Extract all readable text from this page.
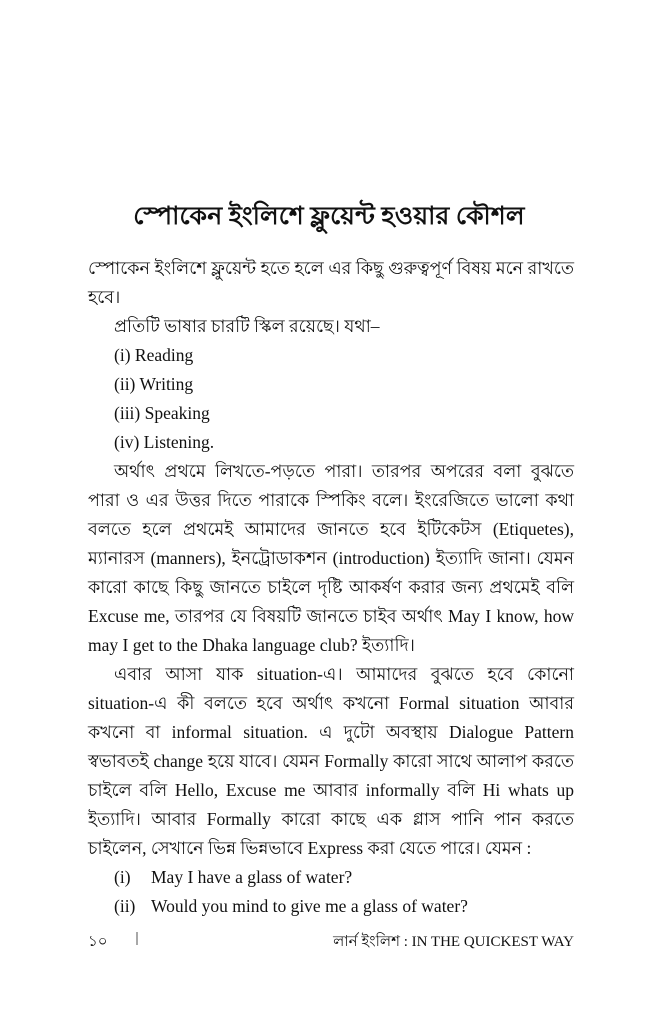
স্পোকেন ইংলিশে ফ্লুয়েন্ট হওয়ার কৌশল

স্পোকেন ইংলিশে ফ্লুয়েন্ট হতে হলে এর কিছু গুরুত্বপূর্ণ বিষয় মনে রাখতে হবে।

প্রতিটি ভাষার চারটি স্কিল রয়েছে। যথা–

(i) Reading
(ii) Writing
(iii) Speaking
(iv) Listening.

অর্থাৎ প্রথমে লিখতে-পড়তে পারা। তারপর অপরের বলা বুঝতে পারা ও এর উত্তর দিতে পারাকে স্পিকিং বলে। ইংরেজিতে ভালো কথা বলতে হলে প্রথমেই আমাদের জানতে হবে ইটিকেটস (Etiquetes), ম্যানারস (manners), ইনট্রোডাকশন (introduction) ইত্যাদি জানা। যেমন কারো কাছে কিছু জানতে চাইলে দৃষ্টি আকর্ষণ করার জন্য প্রথমেই বলি Excuse me, তারপর যে বিষয়টি জানতে চাইব অর্থাৎ May I know, how may I get to the Dhaka language club? ইত্যাদি।

এবার আসা যাক situation-এ। আমাদের বুঝতে হবে কোনো situation-এ কী বলতে হবে অর্থাৎ কখনো Formal situation আবার কখনো বা informal situation. এ দুটো অবস্থায় Dialogue Pattern স্বভাবতই change হয়ে যাবে। যেমন Formally কারো সাথে আলাপ করতে চাইলে বলি Hello, Excuse me আবার informally বলি Hi whats up ইত্যাদি। আবার Formally কারো কাছে এক গ্লাস পানি পান করতে চাইলেন, সেখানে ভিন্ন ভিন্নভাবে Express করা যেতে পারে। যেমন :

(i)	May I have a glass of water?
(ii) Would you mind to give me a glass of water?
১০ |	লার্ন ইংলিশ : IN THE QUICKEST WAY
